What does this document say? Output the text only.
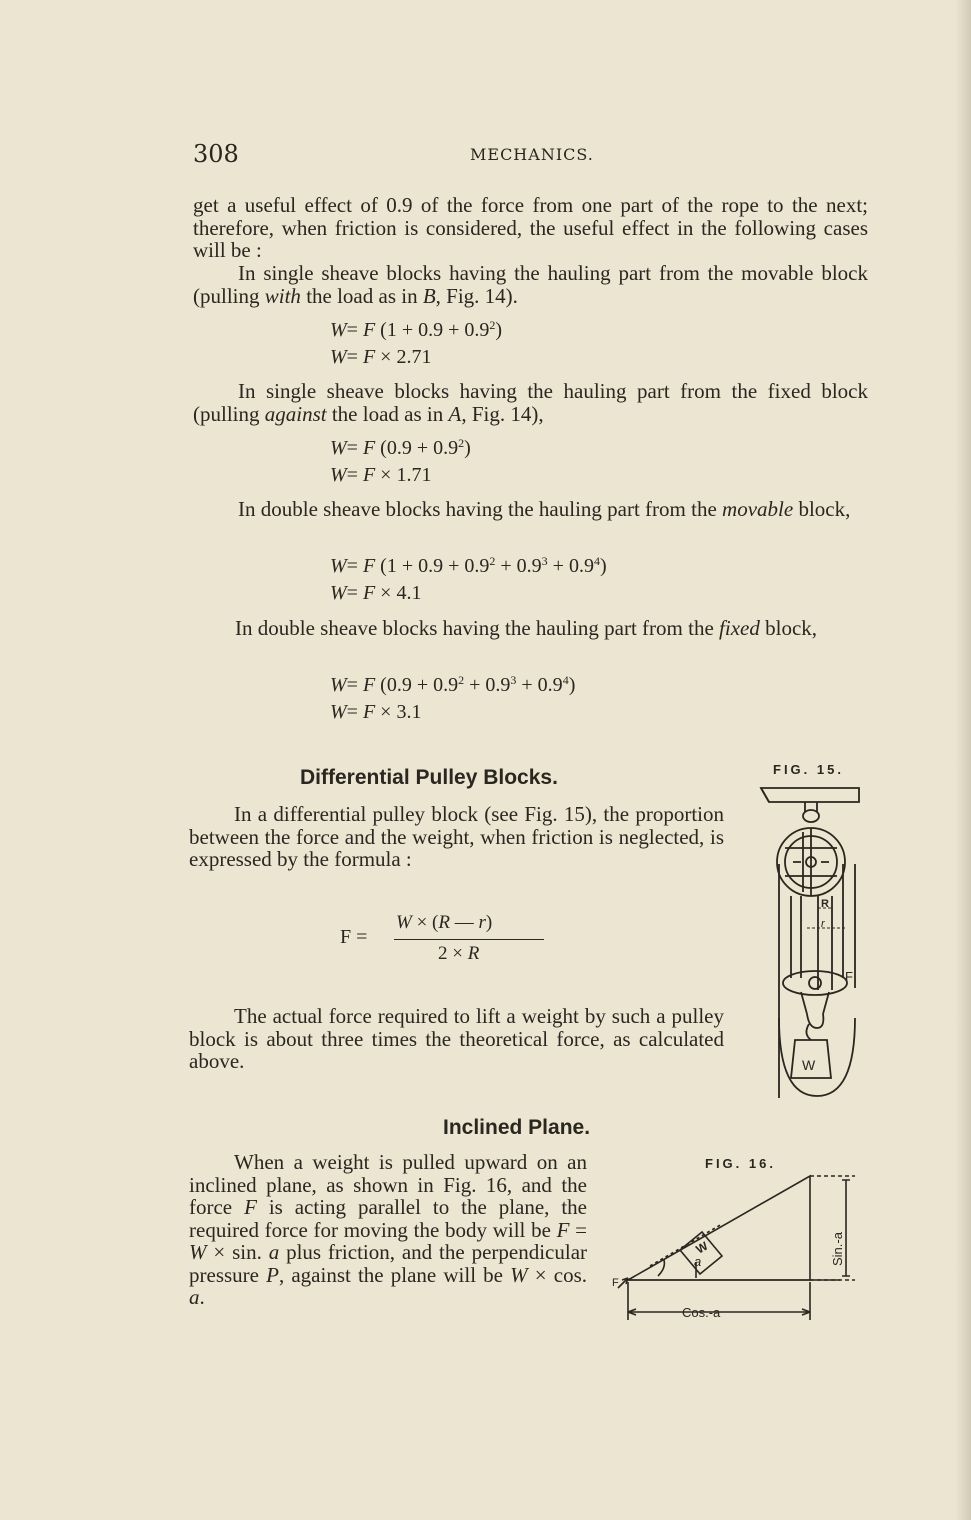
308	MECHANICS.

get a useful effect of 0.9 of the force from one part of the rope to the next; therefore, when friction is considered, the useful effect in the following cases will be :

In single sheave blocks having the hauling part from the movable block (pulling with the load as in B, Fig. 14).

W= F $(1 + 0.9 + 0.9^2)$
W= F × 2.71

In single sheave blocks having the hauling part from the fixed block (pulling against the load as in A, Fig. 14),

W= F $(0.9 + 0.9^2)$
W= F × 1.71

In double sheave blocks having the hauling part from the movable block,

W= F $(1 + 0.9 + 0.9^2 + 0.9^3 + 0.9^4)$
W= F × 4.1

In double sheave blocks having the hauling part from the fixed block,

W= F $(0.9 + 0.9^2 + 0.9^3 + 0.9^4)$
W= F × 3.1
Differential Pulley Blocks.

In a differential pulley block (see Fig. 15), the proportion between the force and the weight, when friction is neglected, is expressed by the formula :

F =
W × (R — r)
2 × R

The actual force required to lift a weight by such a pulley block is about three times the theoretical force, as calculated above.

FIG. 15.
R
r
F
W
Inclined Plane.

When a weight is pulled upward on an inclined plane, as shown in Fig. 16, and the force F is acting parallel to the plane, the required force for moving the body will be F = W × sin. a plus friction, and the perpendicular pressure P, against the plane will be W × cos. a.

FIG. 16.
W
a
F
Sin.-a
Cos.-a
